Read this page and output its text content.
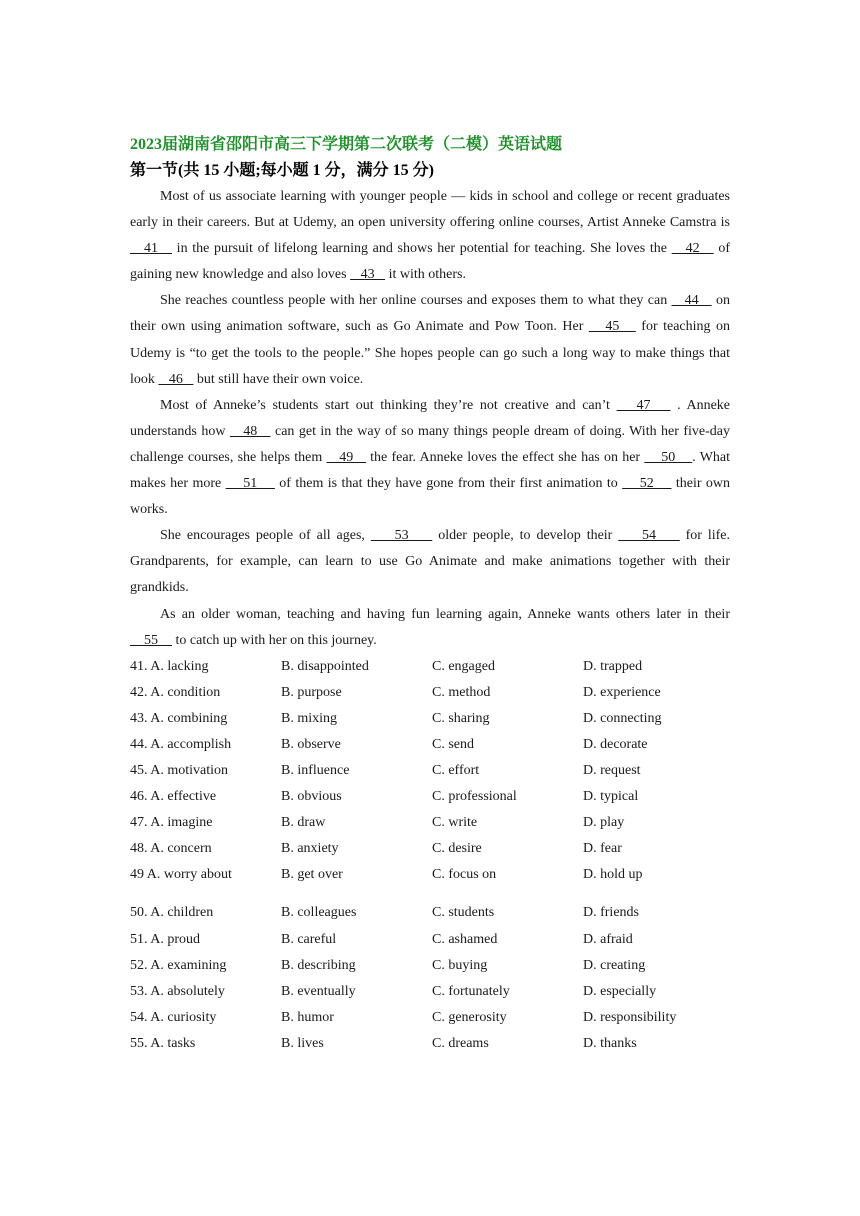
2023届湖南省邵阳市高三下学期第二次联考（二模）英语试题
第一节(共 15 小题;每小题 1 分，满分 15 分)

Most of us associate learning with younger people — kids in school and college or recent graduates early in their careers. But at Udemy, an open university offering online courses, Artist Anneke Camstra is    41    in the pursuit of lifelong learning and shows her potential for teaching. She loves the    42    of gaining new knowledge and also loves    43    it with others.

She reaches countless people with her online courses and exposes them to what they can    44    on their own using animation software, such as Go Animate and Pow Toon. Her    45    for teaching on Udemy is “to get the tools to the people.” She hopes people can go such a long way to make things that look    46    but still have their own voice.

Most of Anneke’s students start out thinking they’re not creative and can’t    47    . Anneke understands how    48    can get in the way of so many things people dream of doing. With her five-day challenge courses, she helps them    49    the fear. Anneke loves the effect she has on her     50    . What makes her more     51     of them is that they have gone from their first animation to     52     their own works.

She encourages people of all ages,     53     older people, to develop their     54     for life. Grandparents, for example, can learn to use Go Animate and make animations together with their grandkids.

As an older woman, teaching and having fun learning again, Anneke wants others later in their     55     to catch up with her on this journey.

41. A. lacking	B. disappointed	C. engaged	D. trapped
42. A. condition	B. purpose	C. method	D. experience
43. A. combining	B. mixing	C. sharing	D. connecting
44. A. accomplish	B. observe	C. send	D. decorate
45. A. motivation	B. influence	C. effort	D. request
46. A. effective	B. obvious	C. professional	D. typical
47. A. imagine	B. draw	C. write	D. play
48. A. concern	B. anxiety	C. desire	D. fear
49 A. worry about	B. get over	C. focus on	D. hold up
50. A. children	B. colleagues	C. students	D. friends
51. A. proud	B. careful	C. ashamed	D. afraid
52. A. examining	B. describing	C. buying	D. creating
53. A. absolutely	B. eventually	C. fortunately	D. especially
54. A. curiosity	B. humor	C. generosity	D. responsibility
55. A. tasks	B. lives	C. dreams	D. thanks
